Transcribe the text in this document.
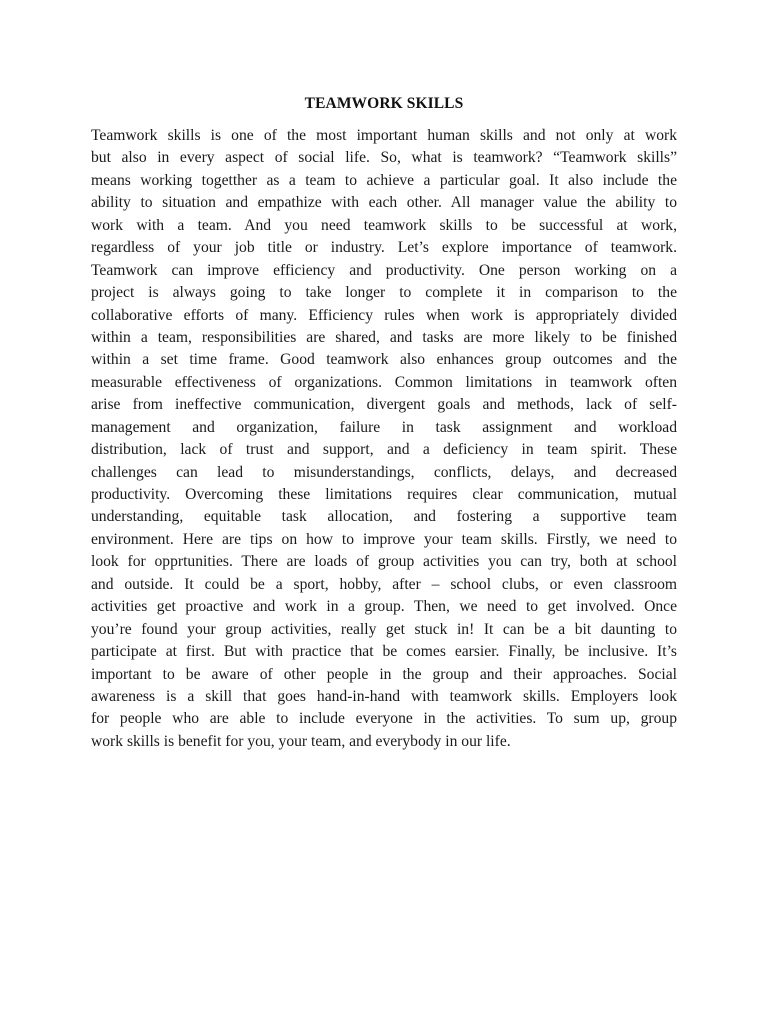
TEAMWORK SKILLS
Teamwork skills is one of the most important human skills and not only at work
but also in every aspect of social life. So, what is teamwork? “Teamwork skills”
means working togetther as a team to achieve a particular goal. It also include the
ability to situation and empathize with each other. All manager value the ability to
work with a team. And you need teamwork skills to be successful at work,
regardless of your job title or industry. Let’s explore importance of teamwork.
Teamwork can improve efficiency and productivity. One person working on a
project is always going to take longer to complete it in comparison to the
collaborative efforts of many. Efficiency rules when work is appropriately divided
within a team, responsibilities are shared, and tasks are more likely to be finished
within a set time frame. Good teamwork also enhances group outcomes and the
measurable effectiveness of organizations. Common limitations in teamwork often
arise from ineffective communication, divergent goals and methods, lack of self-
management and organization, failure in task assignment and workload
distribution, lack of trust and support, and a deficiency in team spirit. These
challenges can lead to misunderstandings, conflicts, delays, and decreased
productivity. Overcoming these limitations requires clear communication, mutual
understanding, equitable task allocation, and fostering a supportive team
environment. Here are tips on how to improve your team skills. Firstly, we need to
look for opprtunities. There are loads of group activities you can try, both at school
and outside. It could be a sport, hobby, after – school clubs, or even classroom
activities get proactive and work in a group. Then, we need to get involved. Once
you’re found your group activities, really get stuck in! It can be a bit daunting to
participate at first. But with practice that be comes earsier. Finally, be inclusive. It’s
important to be aware of other people in the group and their approaches. Social
awareness is a skill that goes hand-in-hand with teamwork skills. Employers look
for people who are able to include everyone in the activities. To sum up, group
work skills is benefit for you, your team, and everybody in our life.
